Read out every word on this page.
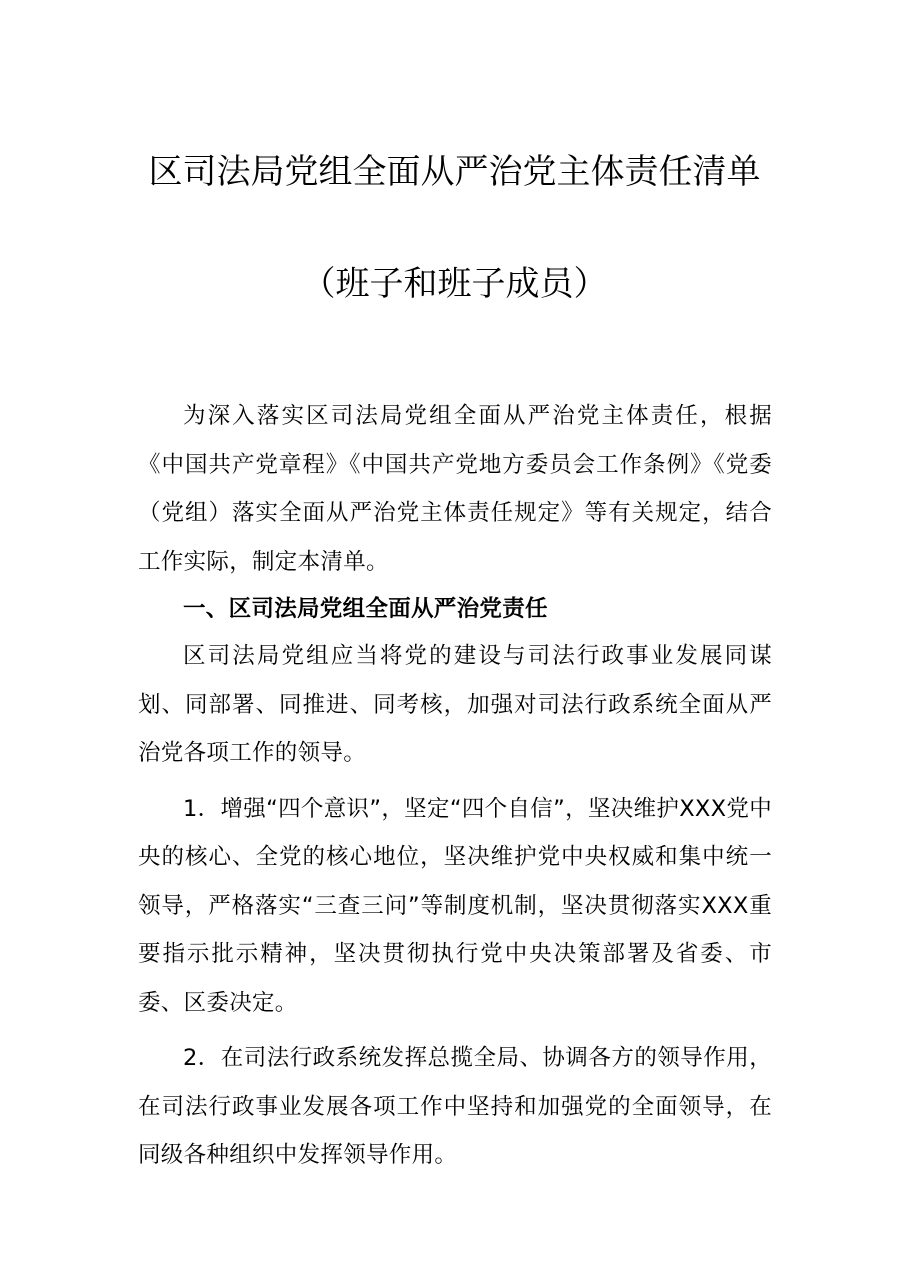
区司法局党组全面从严治党主体责任清单
（班子和班子成员）

为深入落实区司法局党组全面从严治党主体责任，根据《中国共产党章程》《中国共产党地方委员会工作条例》《党委（党组）落实全面从严治党主体责任规定》等有关规定，结合工作实际，制定本清单。

一、区司法局党组全面从严治党责任

区司法局党组应当将党的建设与司法行政事业发展同谋划、同部署、同推进、同考核，加强对司法行政系统全面从严治党各项工作的领导。

1．增强“四个意识”，坚定“四个自信”，坚决维护XXX党中央的核心、全党的核心地位，坚决维护党中央权威和集中统一领导，严格落实“三查三问”等制度机制，坚决贯彻落实XXX重要指示批示精神，坚决贯彻执行党中央决策部署及省委、市委、区委决定。

2．在司法行政系统发挥总揽全局、协调各方的领导作用，在司法行政事业发展各项工作中坚持和加强党的全面领导，在同级各种组织中发挥领导作用。
